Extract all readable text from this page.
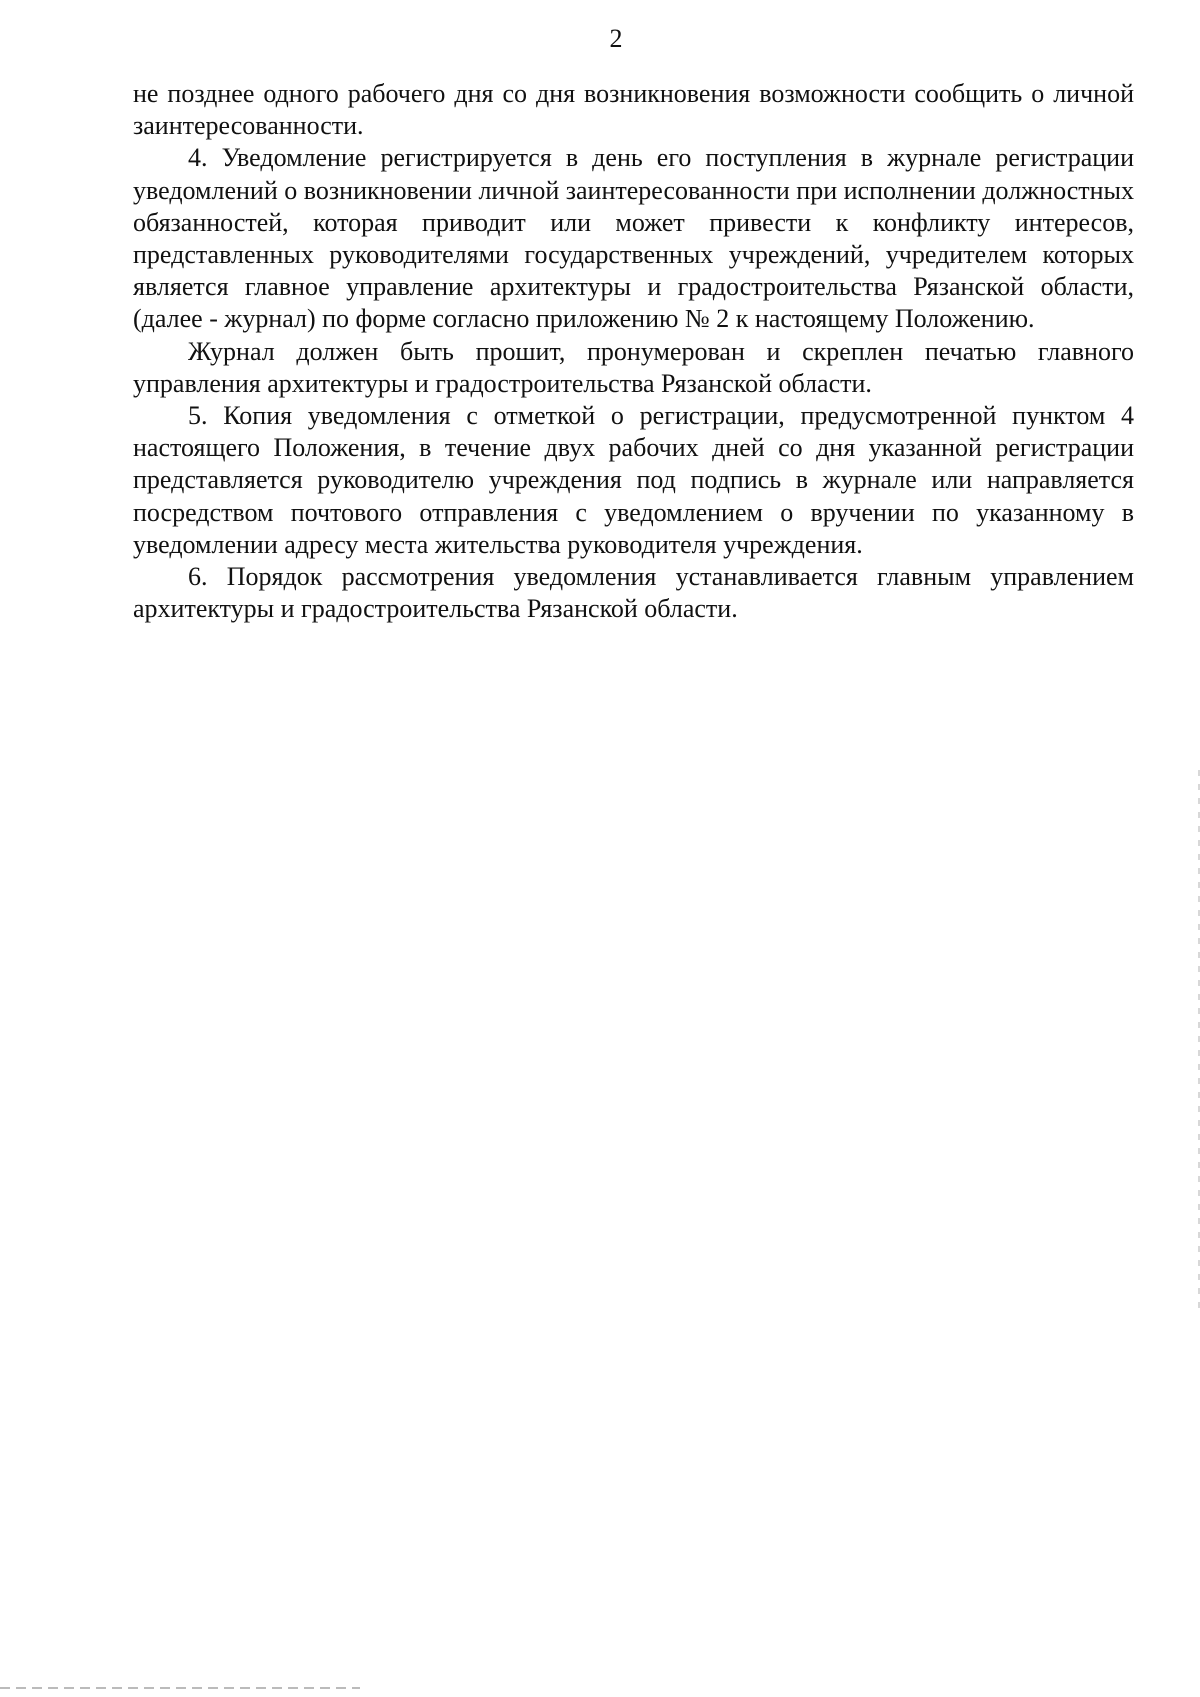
2

не позднее одного рабочего дня со дня возникновения возможности сообщить о личной заинтересованности.

4. Уведомление регистрируется в день его поступления в журнале регистрации уведомлений о возникновении личной заинтересованности при исполнении должностных обязанностей, которая приводит или может привести к конфликту интересов, представленных руководителями государственных учреждений, учредителем которых является главное управление архитектуры и градостроительства Рязанской области, (далее - журнал) по форме согласно приложению № 2 к настоящему Положению.

Журнал должен быть прошит, пронумерован и скреплен печатью главного управления архитектуры и градостроительства Рязанской области.

5. Копия уведомления с отметкой о регистрации, предусмотренной пунктом 4 настоящего Положения, в течение двух рабочих дней со дня указанной регистрации представляется руководителю учреждения под подпись в журнале или направляется посредством почтового отправления с уведомлением о вручении по указанному в уведомлении адресу места жительства руководителя учреждения.

6. Порядок рассмотрения уведомления устанавливается главным управлением архитектуры и градостроительства Рязанской области.
